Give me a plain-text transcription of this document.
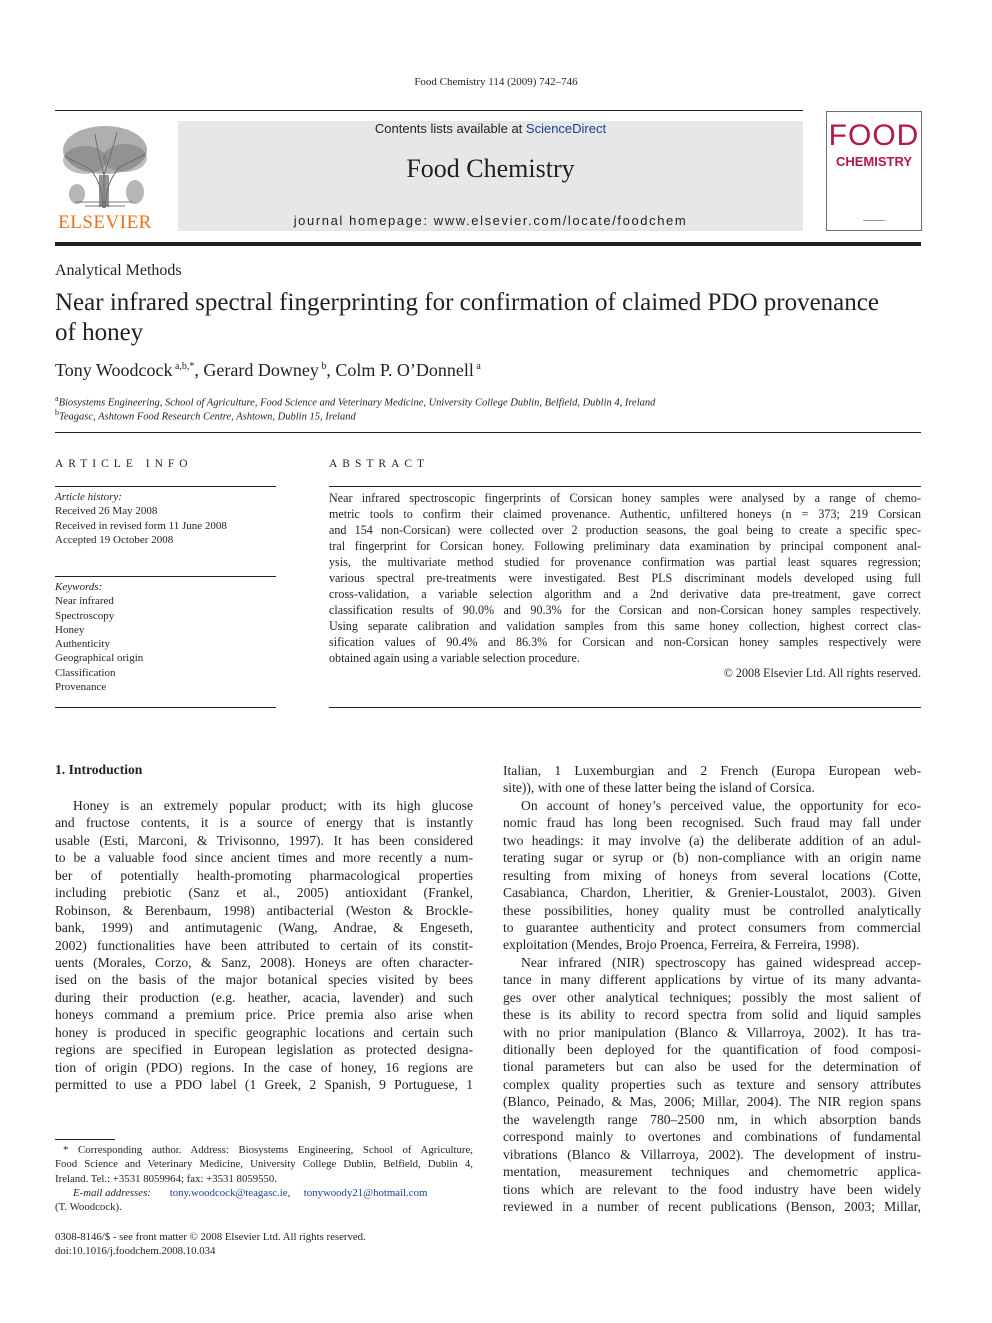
Food Chemistry 114 (2009) 742–746
ELSEVIER
Contents lists available at ScienceDirect
Food Chemistry
journal homepage: www.elsevier.com/locate/foodchem
FOOD
CHEMISTRY
Analytical Methods
Near infrared spectral fingerprinting for confirmation of claimed PDO provenance
of honey
Tony Woodcock $^{a,b,*}$, Gerard Downey $^b$, Colm P. O’Donnell $^a$
$^a$Biosystems Engineering, School of Agriculture, Food Science and Veterinary Medicine, University College Dublin, Belfield, Dublin 4, Ireland
$^b$Teagasc, Ashtown Food Research Centre, Ashtown, Dublin 15, Ireland
ARTICLE INFO
Article history:
Received 26 May 2008
Received in revised form 11 June 2008
Accepted 19 October 2008
Keywords:
Near infrared
Spectroscopy
Honey
Authenticity
Geographical origin
Classification
Provenance
ABSTRACT
Near infrared spectroscopic fingerprints of Corsican honey samples were analysed by a range of chemo-
metric tools to confirm their claimed provenance. Authentic, unfiltered honeys (n = 373; 219 Corsican
and 154 non-Corsican) were collected over 2 production seasons, the goal being to create a specific spec-
tral fingerprint for Corsican honey. Following preliminary data examination by principal component anal-
ysis, the multivariate method studied for provenance confirmation was partial least squares regression;
various spectral pre-treatments were investigated. Best PLS discriminant models developed using full
cross-validation, a variable selection algorithm and a 2nd derivative data pre-treatment, gave correct
classification results of 90.0% and 90.3% for the Corsican and non-Corsican honey samples respectively.
Using separate calibration and validation samples from this same honey collection, highest correct clas-
sification values of 90.4% and 86.3% for Corsican and non-Corsican honey samples respectively were
obtained again using a variable selection procedure.
© 2008 Elsevier Ltd. All rights reserved.
1. Introduction
Honey is an extremely popular product; with its high glucose
and fructose contents, it is a source of energy that is instantly
usable (Esti, Marconi, & Trivisonno, 1997). It has been considered
to be a valuable food since ancient times and more recently a num-
ber of potentially health-promoting pharmacological properties
including prebiotic (Sanz et al., 2005) antioxidant (Frankel,
Robinson, & Berenbaum, 1998) antibacterial (Weston & Brockle-
bank, 1999) and antimutagenic (Wang, Andrae, & Engeseth,
2002) functionalities have been attributed to certain of its constit-
uents (Morales, Corzo, & Sanz, 2008). Honeys are often character-
ised on the basis of the major botanical species visited by bees
during their production (e.g. heather, acacia, lavender) and such
honeys command a premium price. Price premia also arise when
honey is produced in specific geographic locations and certain such
regions are specified in European legislation as protected designa-
tion of origin (PDO) regions. In the case of honey, 16 regions are
permitted to use a PDO label (1 Greek, 2 Spanish, 9 Portuguese, 1
Italian, 1 Luxemburgian and 2 French (Europa European web-
site)), with one of these latter being the island of Corsica.
On account of honey’s perceived value, the opportunity for eco-
nomic fraud has long been recognised. Such fraud may fall under
two headings: it may involve (a) the deliberate addition of an adul-
terating sugar or syrup or (b) non-compliance with an origin name
resulting from mixing of honeys from several locations (Cotte,
Casabianca, Chardon, Lheritier, & Grenier-Loustalot, 2003). Given
these possibilities, honey quality must be controlled analytically
to guarantee authenticity and protect consumers from commercial
exploitation (Mendes, Brojo Proenca, Ferreira, & Ferreira, 1998).
Near infrared (NIR) spectroscopy has gained widespread accep-
tance in many different applications by virtue of its many advanta-
ges over other analytical techniques; possibly the most salient of
these is its ability to record spectra from solid and liquid samples
with no prior manipulation (Blanco & Villarroya, 2002). It has tra-
ditionally been deployed for the quantification of food composi-
tional parameters but can also be used for the determination of
complex quality properties such as texture and sensory attributes
(Blanco, Peinado, & Mas, 2006; Millar, 2004). The NIR region spans
the wavelength range 780–2500 nm, in which absorption bands
correspond mainly to overtones and combinations of fundamental
vibrations (Blanco & Villarroya, 2002). The development of instru-
mentation, measurement techniques and chemometric applica-
tions which are relevant to the food industry have been widely
reviewed in a number of recent publications (Benson, 2003; Millar,
* Corresponding author. Address: Biosystems Engineering, School of Agriculture,
Food Science and Veterinary Medicine, University College Dublin, Belfield, Dublin 4,
Ireland. Tel.: +3531 8059964; fax: +3531 8059550.
E-mail addresses: tony.woodcock@teagasc.ie,     tonywoody21@hotmail.com
(T. Woodcock).
0308-8146/$ - see front matter © 2008 Elsevier Ltd. All rights reserved.
doi:10.1016/j.foodchem.2008.10.034
